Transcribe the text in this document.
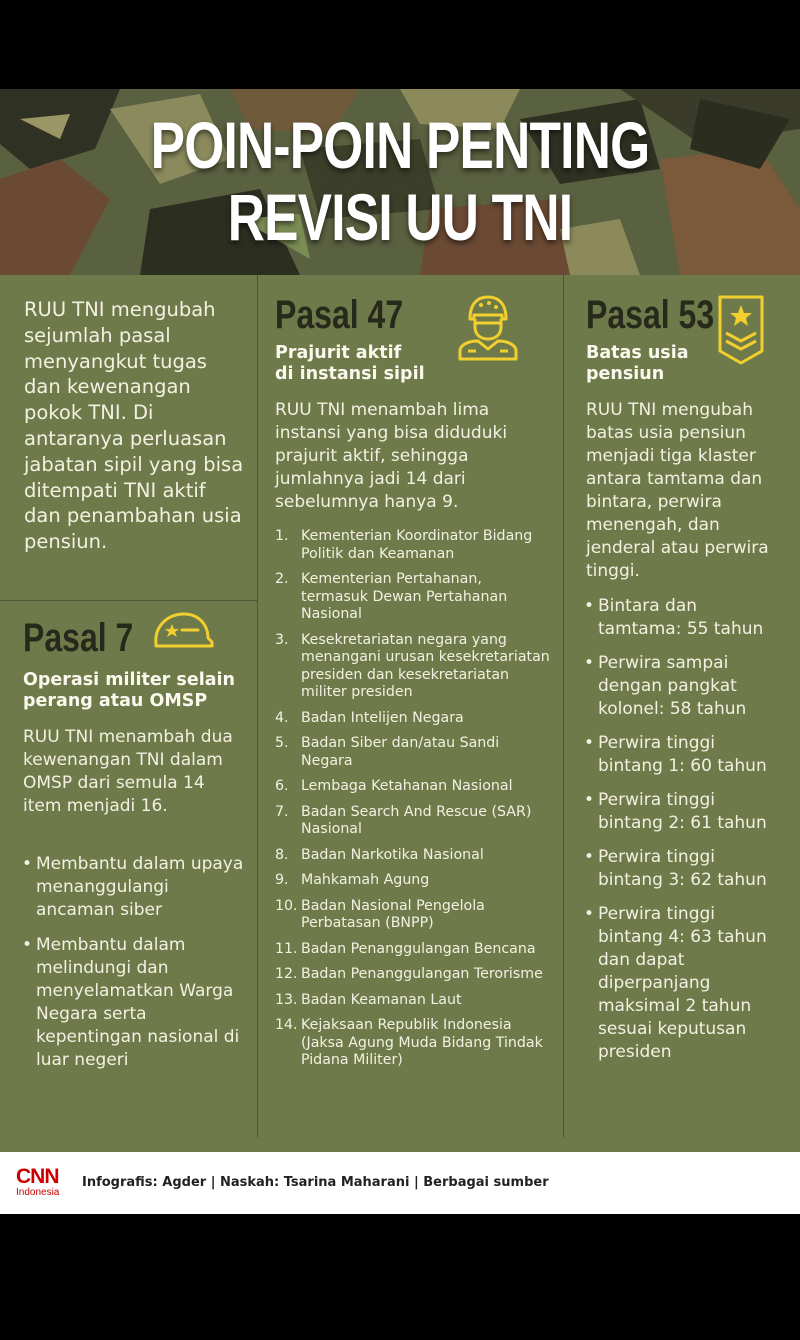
POIN-POIN PENTING
REVISI UU TNI
RUU TNI mengubah sejumlah pasal menyangkut tugas dan kewenangan pokok TNI. Di antaranya perluasan jabatan sipil yang bisa ditempati TNI aktif dan penambahan usia pensiun.
Pasal 7
Operasi militer selain perang atau OMSP
RUU TNI menambah dua kewenangan TNI dalam OMSP dari semula 14 item menjadi 16.
• Membantu dalam upaya menanggulangi ancaman siber
• Membantu dalam melindungi dan menyelamatkan Warga Negara serta kepentingan nasional di luar negeri
Pasal 47
Prajurit aktif
di instansi sipil
RUU TNI menambah lima instansi yang bisa diduduki prajurit aktif, sehingga jumlahnya jadi 14 dari sebelumnya hanya 9.
1. Kementerian Koordinator Bidang Politik dan Keamanan
2. Kementerian Pertahanan, termasuk Dewan Pertahanan Nasional
3. Kesekretariatan negara yang menangani urusan kesekretariatan presiden dan kesekretariatan militer presiden
4. Badan Intelijen Negara
5. Badan Siber dan/atau Sandi Negara
6. Lembaga Ketahanan Nasional
7. Badan Search And Rescue (SAR) Nasional
8. Badan Narkotika Nasional
9. Mahkamah Agung
10. Badan Nasional Pengelola Perbatasan (BNPP)
11. Badan Penanggulangan Bencana
12. Badan Penanggulangan Terorisme
13. Badan Keamanan Laut
14. Kejaksaan Republik Indonesia (Jaksa Agung Muda Bidang Tindak Pidana Militer)
Pasal 53
Batas usia
pensiun
RUU TNI mengubah batas usia pensiun menjadi tiga klaster antara tamtama dan bintara, perwira menengah, dan jenderal atau perwira tinggi.
• Bintara dan tamtama: 55 tahun
• Perwira sampai dengan pangkat kolonel: 58 tahun
• Perwira tinggi bintang 1: 60 tahun
• Perwira tinggi bintang 2: 61 tahun
• Perwira tinggi bintang 3: 62 tahun
• Perwira tinggi bintang 4: 63 tahun dan dapat diperpanjang maksimal 2 tahun sesuai keputusan presiden
CNN
Indonesia
Infografis: Agder | Naskah: Tsarina Maharani | Berbagai sumber
